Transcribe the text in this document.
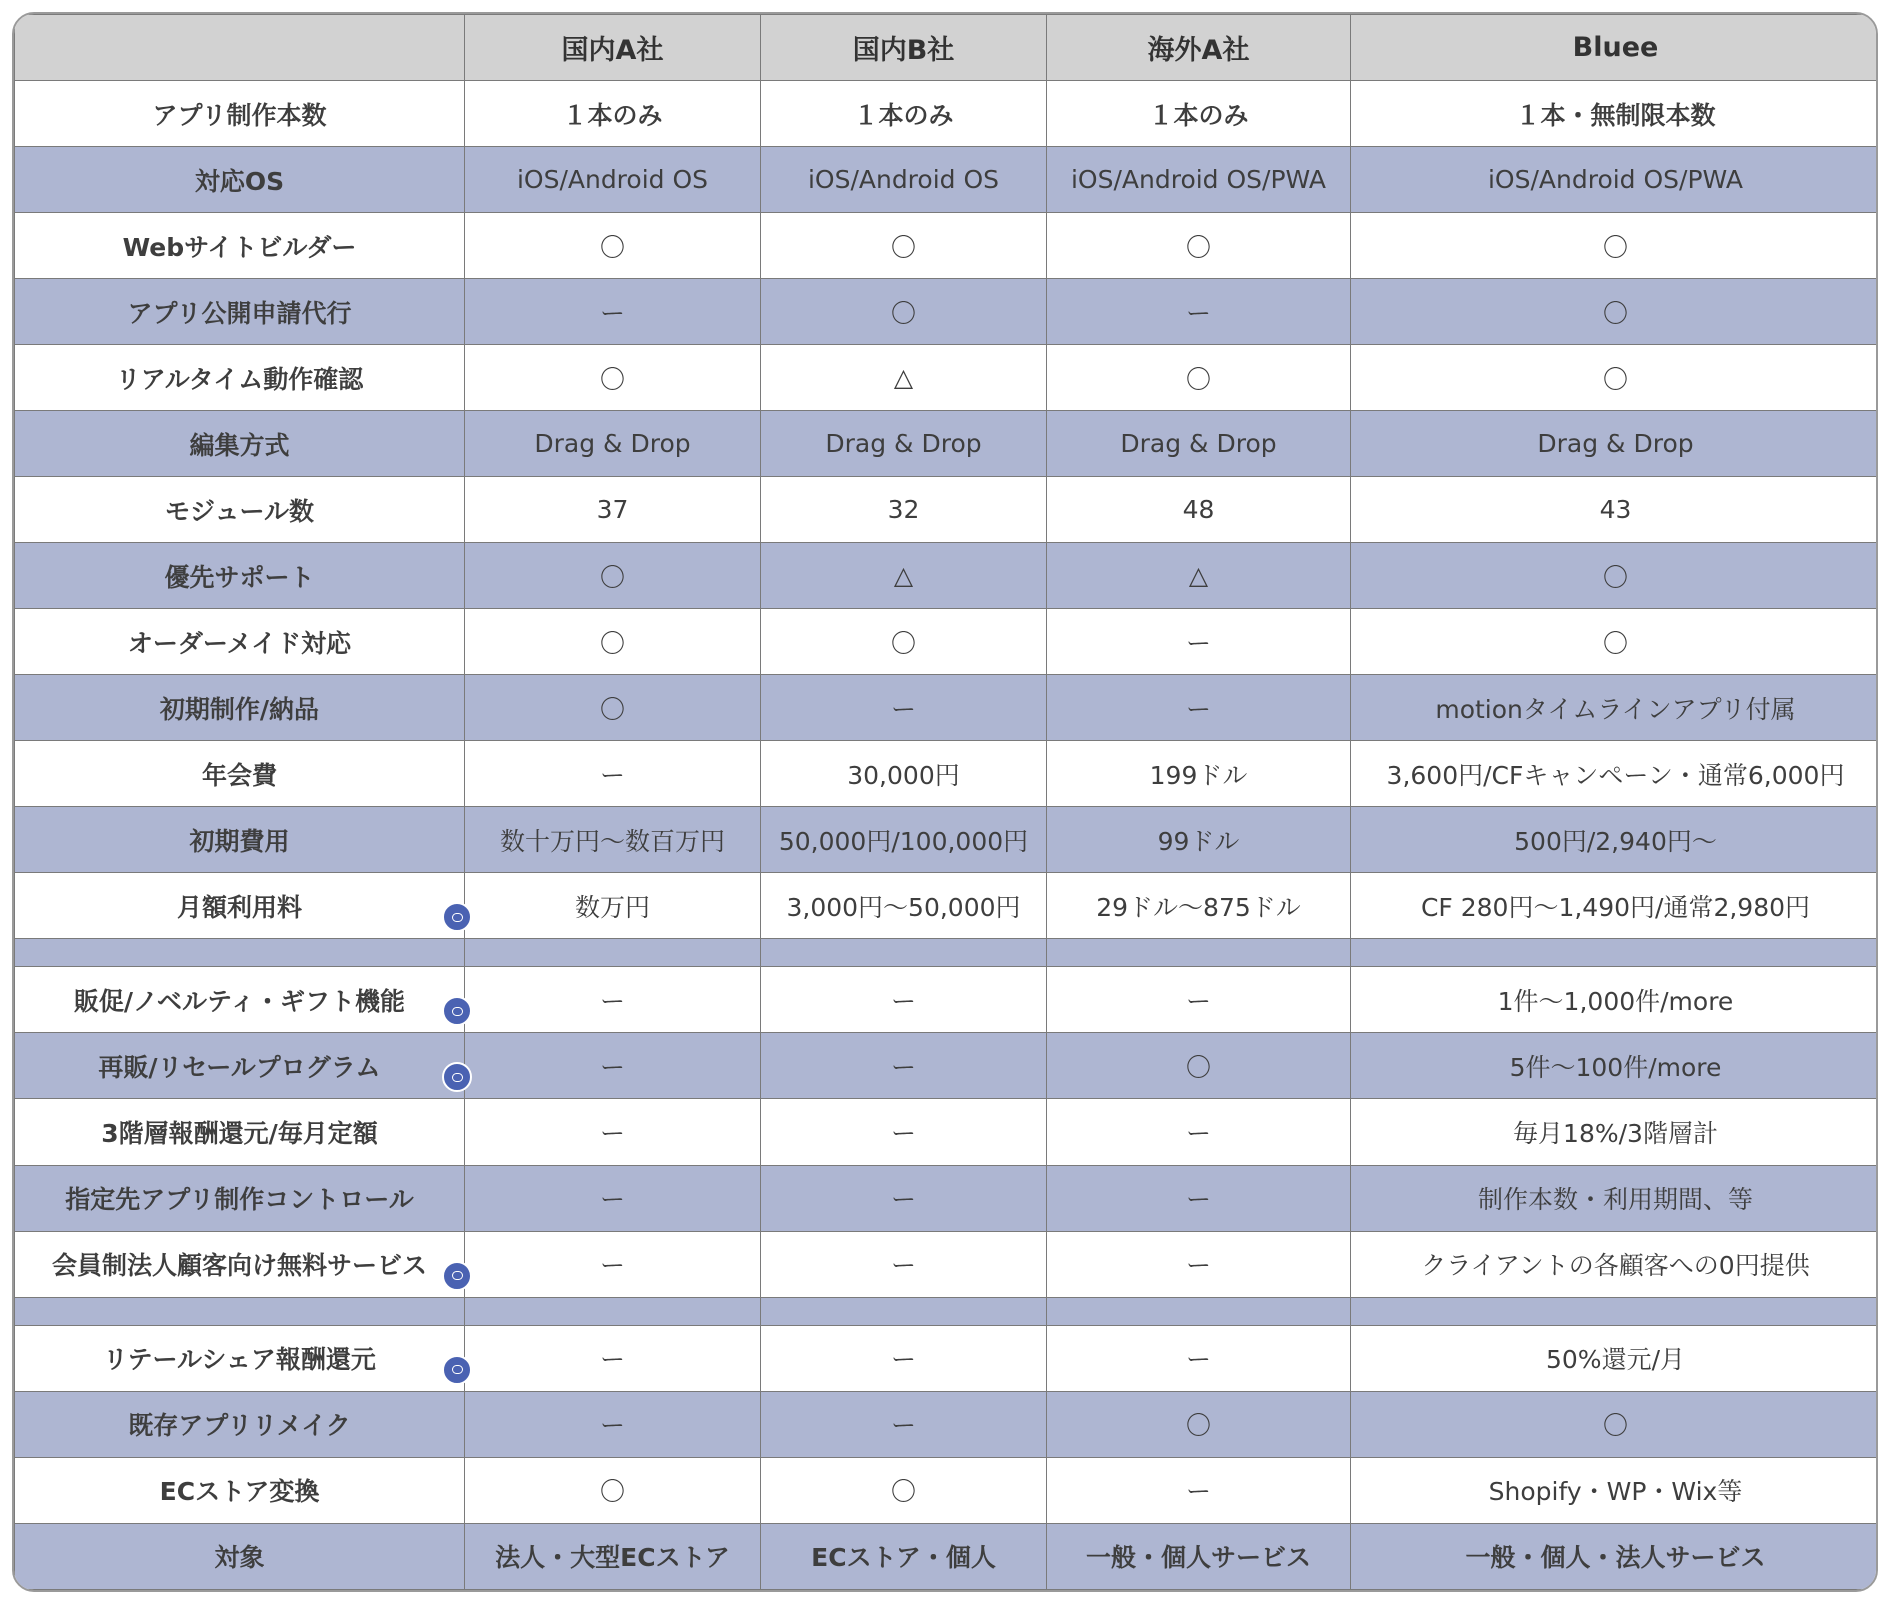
	国内A社	国内B社	海外A社	Bluee
アプリ制作本数	１本のみ	１本のみ	１本のみ	１本・無制限本数
対応OS	iOS/Android OS	iOS/Android OS	iOS/Android OS/PWA	iOS/Android OS/PWA
Webサイトビルダー	〇	〇	〇	〇
アプリ公開申請代行	ー	〇	ー	〇
リアルタイム動作確認	〇	△	〇	〇
編集方式	Drag & Drop	Drag & Drop	Drag & Drop	Drag & Drop
モジュール数	37	32	48	43
優先サポート	〇	△	△	〇
オーダーメイド対応	〇	〇	ー	〇
初期制作/納品	〇	ー	ー	motionタイムラインアプリ付属
年会費	ー	30,000円	199ドル	3,600円/CFキャンペーン・通常6,000円
初期費用	数十万円〜数百万円	50,000円/100,000円	99ドル	500円/2,940円〜
月額利用料	数万円	3,000円〜50,000円	29ドル〜875ドル	CF 280円〜1,490円/通常2,980円

販促/ノベルティ・ギフト機能	ー	ー	ー	1件〜1,000件/more
再販/リセールプログラム	ー	ー	〇	5件〜100件/more
3階層報酬還元/毎月定額	ー	ー	ー	毎月18%/3階層計
指定先アプリ制作コントロール	ー	ー	ー	制作本数・利用期間、等
会員制法人顧客向け無料サービス	ー	ー	ー	クライアントの各顧客への0円提供

リテールシェア報酬還元	ー	ー	ー	50%還元/月
既存アプリリメイク	ー	ー	〇	〇
ECストア変換	〇	〇	ー	Shopify・WP・Wix等
対象	法人・大型ECストア	ECストア・個人	一般・個人サービス	一般・個人・法人サービス
